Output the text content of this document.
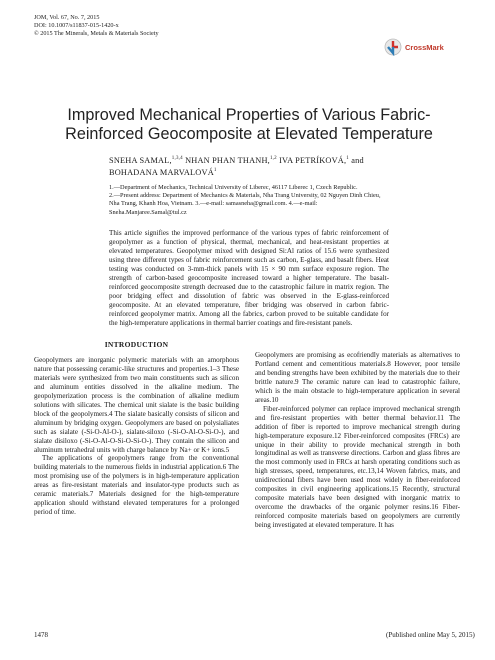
JOM, Vol. 67, No. 7, 2015
DOI: 10.1007/s11837-015-1420-x
© 2015 The Minerals, Metals & Materials Society
CrossMark
Improved Mechanical Properties of Various Fabric-Reinforced Geocomposite at Elevated Temperature
SNEHA SAMAL,$^{1,3,4}$ NHAN PHAN THANH,$^{1,2}$ IVA PETRÍKOVÁ,$^1$ and BOHADANA MARVALOVÁ$^1$
1.—Department of Mechanics, Technical University of Liberec, 46117 Liberec 1, Czech Republic.
2.—Present address: Department of Mechanics & Materials, Nha Trang University, 02 Nguyen Dinh Chieu, Nha Trang, Khanh Hoa, Vietnam. 3.—e-mail: samasneha@gmail.com. 4.—e-mail: Sneha.Manjaree.Samal@tul.cz
This article signifies the improved performance of the various types of fabric reinforcement of geopolymer as a function of physical, thermal, mechanical, and heat-resistant properties at elevated temperatures. Geopolymer mixed with designed Si:Al ratios of 15.6 were synthesized using three different types of fabric reinforcement such as carbon, E-glass, and basalt fibers. Heat testing was conducted on 3-mm-thick panels with 15 × 90 mm surface exposure region. The strength of carbon-based geocomposite increased toward a higher temperature. The basalt-reinforced geocomposite strength decreased due to the catastrophic failure in matrix region. The poor bridging effect and dissolution of fabric was observed in the E-glass-reinforced geocomposite. At an elevated temperature, fiber bridging was observed in carbon fabric-reinforced geopolymer matrix. Among all the fabrics, carbon proved to be suitable candidate for the high-temperature applications in thermal barrier coatings and fire-resistant panels.
INTRODUCTION

Geopolymers are inorganic polymeric materials with an amorphous nature that possessing ceramic-like structures and properties.1–3 These materials were synthesized from two main constituents such as silicon and aluminum entities dissolved in the alkaline medium. The geopolymerization process is the combination of alkaline medium solutions with silicates. The chemical unit sialate is the basic building block of the geopolymers.4 The sialate basically consists of silicon and aluminum by bridging oxygen. Geopolymers are based on polysialiates such as sialate (-Si-O-Al-O-), sialate-siloxo (-Si-O-Al-O-Si-O-), and sialate disiloxo (-Si-O-Al-O-Si-O-Si-O-). They contain the silicon and aluminum tetrahedral units with charge balance by Na+ or K+ ions.5

The applications of geopolymers range from the conventional building materials to the numerous fields in industrial application.6 The most promising use of the polymers is in high-temperature application areas as fire-resistant materials and insulator-type products such as ceramic materials.7 Materials designed for the high-temperature application should withstand elevated temperatures for a prolonged period of time.

Geopolymers are promising as ecofriendly materials as alternatives to Portland cement and cementitious materials.8 However, poor tensile and bending strengths have been exhibited by the materials due to their brittle nature.9 The ceramic nature can lead to catastrophic failure, which is the main obstacle to high-temperature application in several areas.10

Fiber-reinforced polymer can replace improved mechanical strength and fire-resistant properties with better thermal behavior.11 The addition of fiber is reported to improve mechanical strength during high-temperature exposure.12 Fiber-reinforced composites (FRCs) are unique in their ability to provide mechanical strength in both longitudinal as well as transverse directions. Carbon and glass fibres are the most commonly used in FRCs at harsh operating conditions such as high stresses, speed, temperatures, etc.13,14 Woven fabrics, mats, and unidirectional fibers have been used most widely in fiber-reinforced composites in civil engineering applications.15 Recently, structural composite materials have been designed with inorganic matrix to overcome the drawbacks of the organic polymer resins.16 Fiber-reinforced composite materials based on geopolymers are currently being investigated at elevated temperature. It has

1478	(Published online May 5, 2015)
